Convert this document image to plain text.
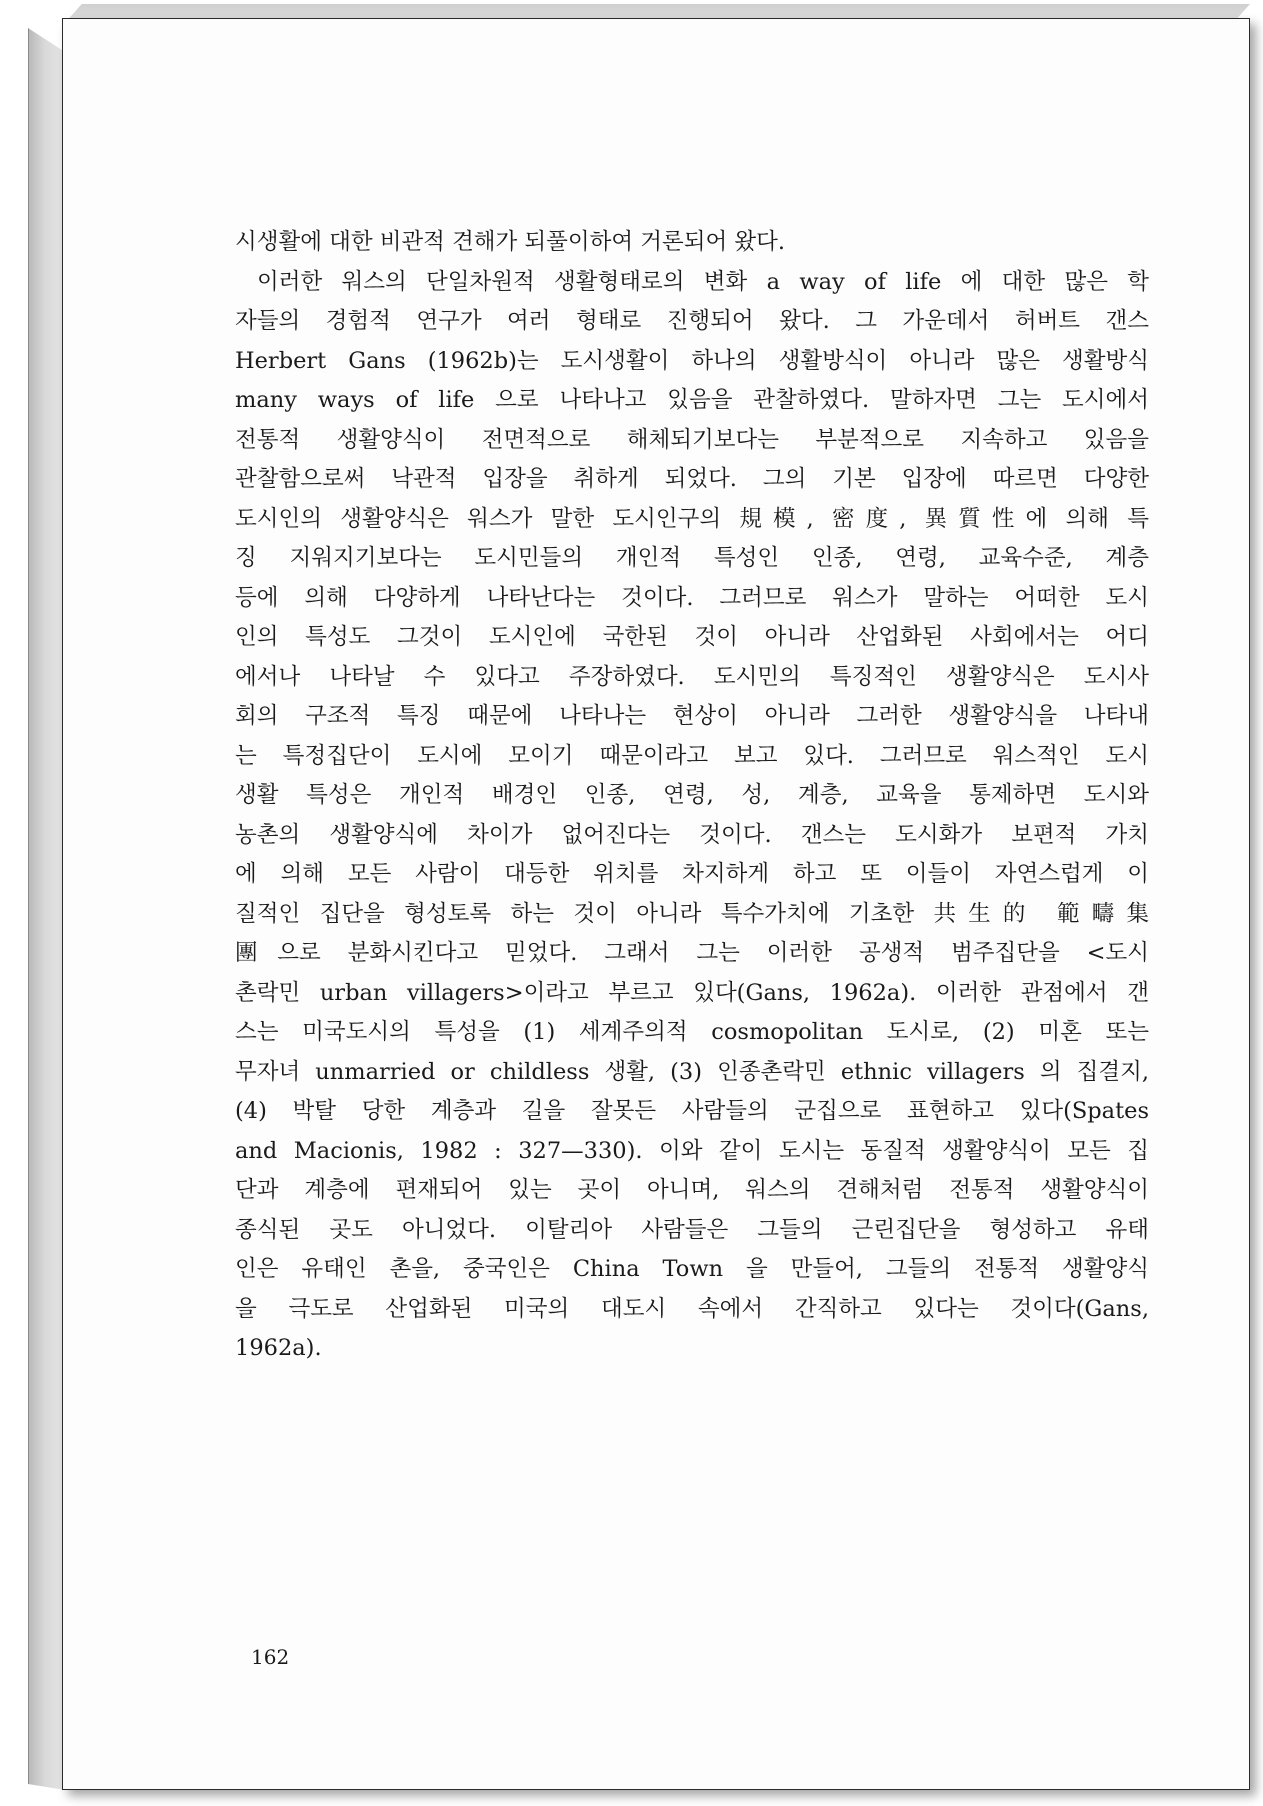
시생활에 대한 비관적 견해가 되풀이하여 거론되어 왔다.
이러한 워스의 단일차원적 생활형태로의 변화 a way of life 에 대한 많은 학
자들의 경험적 연구가 여러 형태로 진행되어 왔다. 그 가운데서 허버트 갠스
Herbert Gans (1962b)는 도시생활이 하나의 생활방식이 아니라 많은 생활방식
many ways of life 으로 나타나고 있음을 관찰하였다. 말하자면 그는 도시에서
전통적 생활양식이 전면적으로 해체되기보다는 부분적으로 지속하고 있음을
관찰함으로써 낙관적 입장을 취하게 되었다. 그의 기본 입장에 따르면 다양한
도시인의 생활양식은 워스가 말한 도시인구의 規模, 密度, 異質性에 의해 특
징 지워지기보다는 도시민들의 개인적 특성인 인종, 연령, 교육수준, 계층
등에 의해 다양하게 나타난다는 것이다. 그러므로 워스가 말하는 어떠한 도시
인의 특성도 그것이 도시인에 국한된 것이 아니라 산업화된 사회에서는 어디
에서나 나타날 수 있다고 주장하였다. 도시민의 특징적인 생활양식은 도시사
회의 구조적 특징 때문에 나타나는 현상이 아니라 그러한 생활양식을 나타내
는 특정집단이 도시에 모이기 때문이라고 보고 있다. 그러므로 워스적인 도시
생활 특성은 개인적 배경인 인종, 연령, 성, 계층, 교육을 통제하면 도시와
농촌의 생활양식에 차이가 없어진다는 것이다. 갠스는 도시화가 보편적 가치
에 의해 모든 사람이 대등한 위치를 차지하게 하고 또 이들이 자연스럽게 이
질적인 집단을 형성토록 하는 것이 아니라 특수가치에 기초한 共生的 範疇集
團으로 분화시킨다고 믿었다. 그래서 그는 이러한 공생적 범주집단을 <도시
촌락민 urban villagers>이라고 부르고 있다(Gans, 1962a). 이러한 관점에서 갠
스는 미국도시의 특성을 (1) 세계주의적 cosmopolitan 도시로, (2) 미혼 또는
무자녀 unmarried or childless 생활, (3) 인종촌락민 ethnic villagers 의 집결지,
(4) 박탈 당한 계층과 길을 잘못든 사람들의 군집으로 표현하고 있다(Spates
and Macionis, 1982 : 327—330). 이와 같이 도시는 동질적 생활양식이 모든 집
단과 계층에 편재되어 있는 곳이 아니며, 워스의 견해처럼 전통적 생활양식이
종식된 곳도 아니었다. 이탈리아 사람들은 그들의 근린집단을 형성하고 유태
인은 유태인 촌을, 중국인은 China Town 을 만들어, 그들의 전통적 생활양식
을 극도로 산업화된 미국의 대도시 속에서 간직하고 있다는 것이다(Gans,
1962a).
162
